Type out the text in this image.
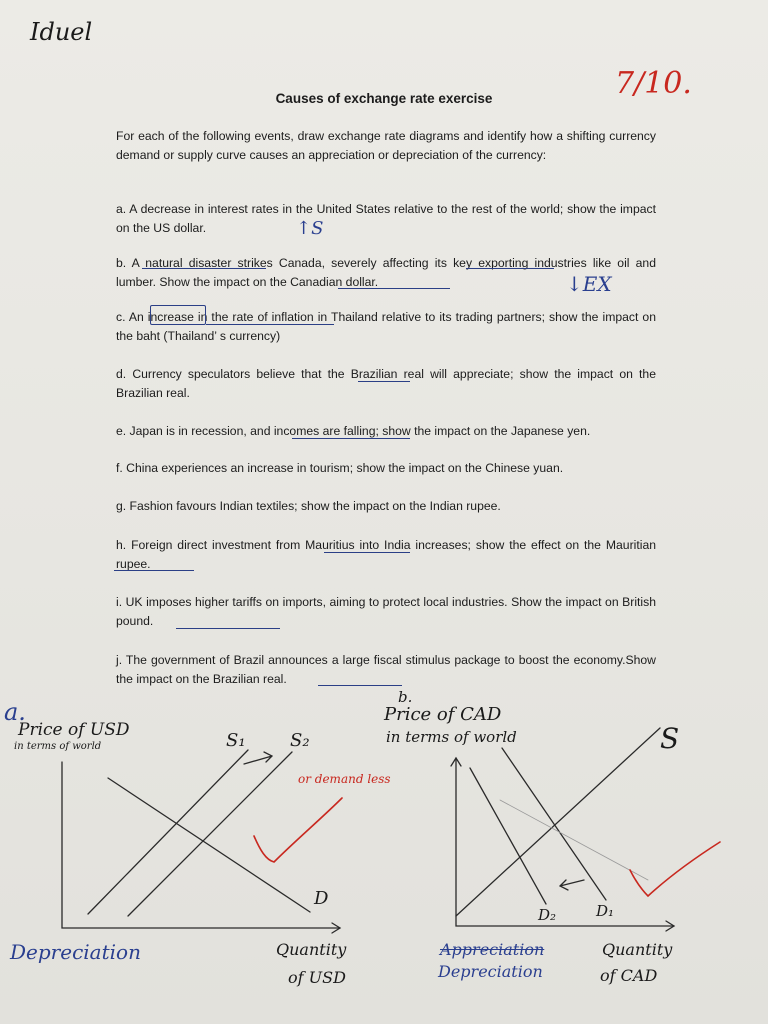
Iduel
7/10.
Causes of exchange rate exercise
For each of the following events, draw exchange rate diagrams and identify how a shifting currency demand or supply curve causes an appreciation or depreciation of the currency:
a. A decrease in interest rates in the United States relative to the rest of the world; show the impact on the US dollar.
b. A natural disaster strikes Canada, severely affecting its key exporting industries like oil and lumber. Show the impact on the Canadian dollar.
c. An increase in the rate of inflation in Thailand relative to its trading partners; show the impact on the baht (Thailand’ s currency)
d. Currency speculators believe that the Brazilian real will appreciate; show the impact on the Brazilian real.
e. Japan is in recession, and incomes are falling; show the impact on the Japanese yen.
f. China experiences an increase in tourism; show the impact on the Chinese yuan.
g. Fashion favours Indian textiles; show the impact on the Indian rupee.
h. Foreign direct investment from Mauritius into India increases; show the effect on the Mauritian rupee.
i. UK imposes higher tariffs on imports, aiming to protect local industries. Show the impact on British pound.
j. The government of Brazil announces a large fiscal stimulus package to boost the economy.Show the impact on the Brazilian real.
↑S
↓EX
a.
Price of USD
in terms of world	S₁ S₂
or demand less
D
Depreciation	Quantity
of USD
b.
Price of CAD
in terms of world	S
D₂	D₁
Appreciation
Depreciation
Quantity
of CAD
